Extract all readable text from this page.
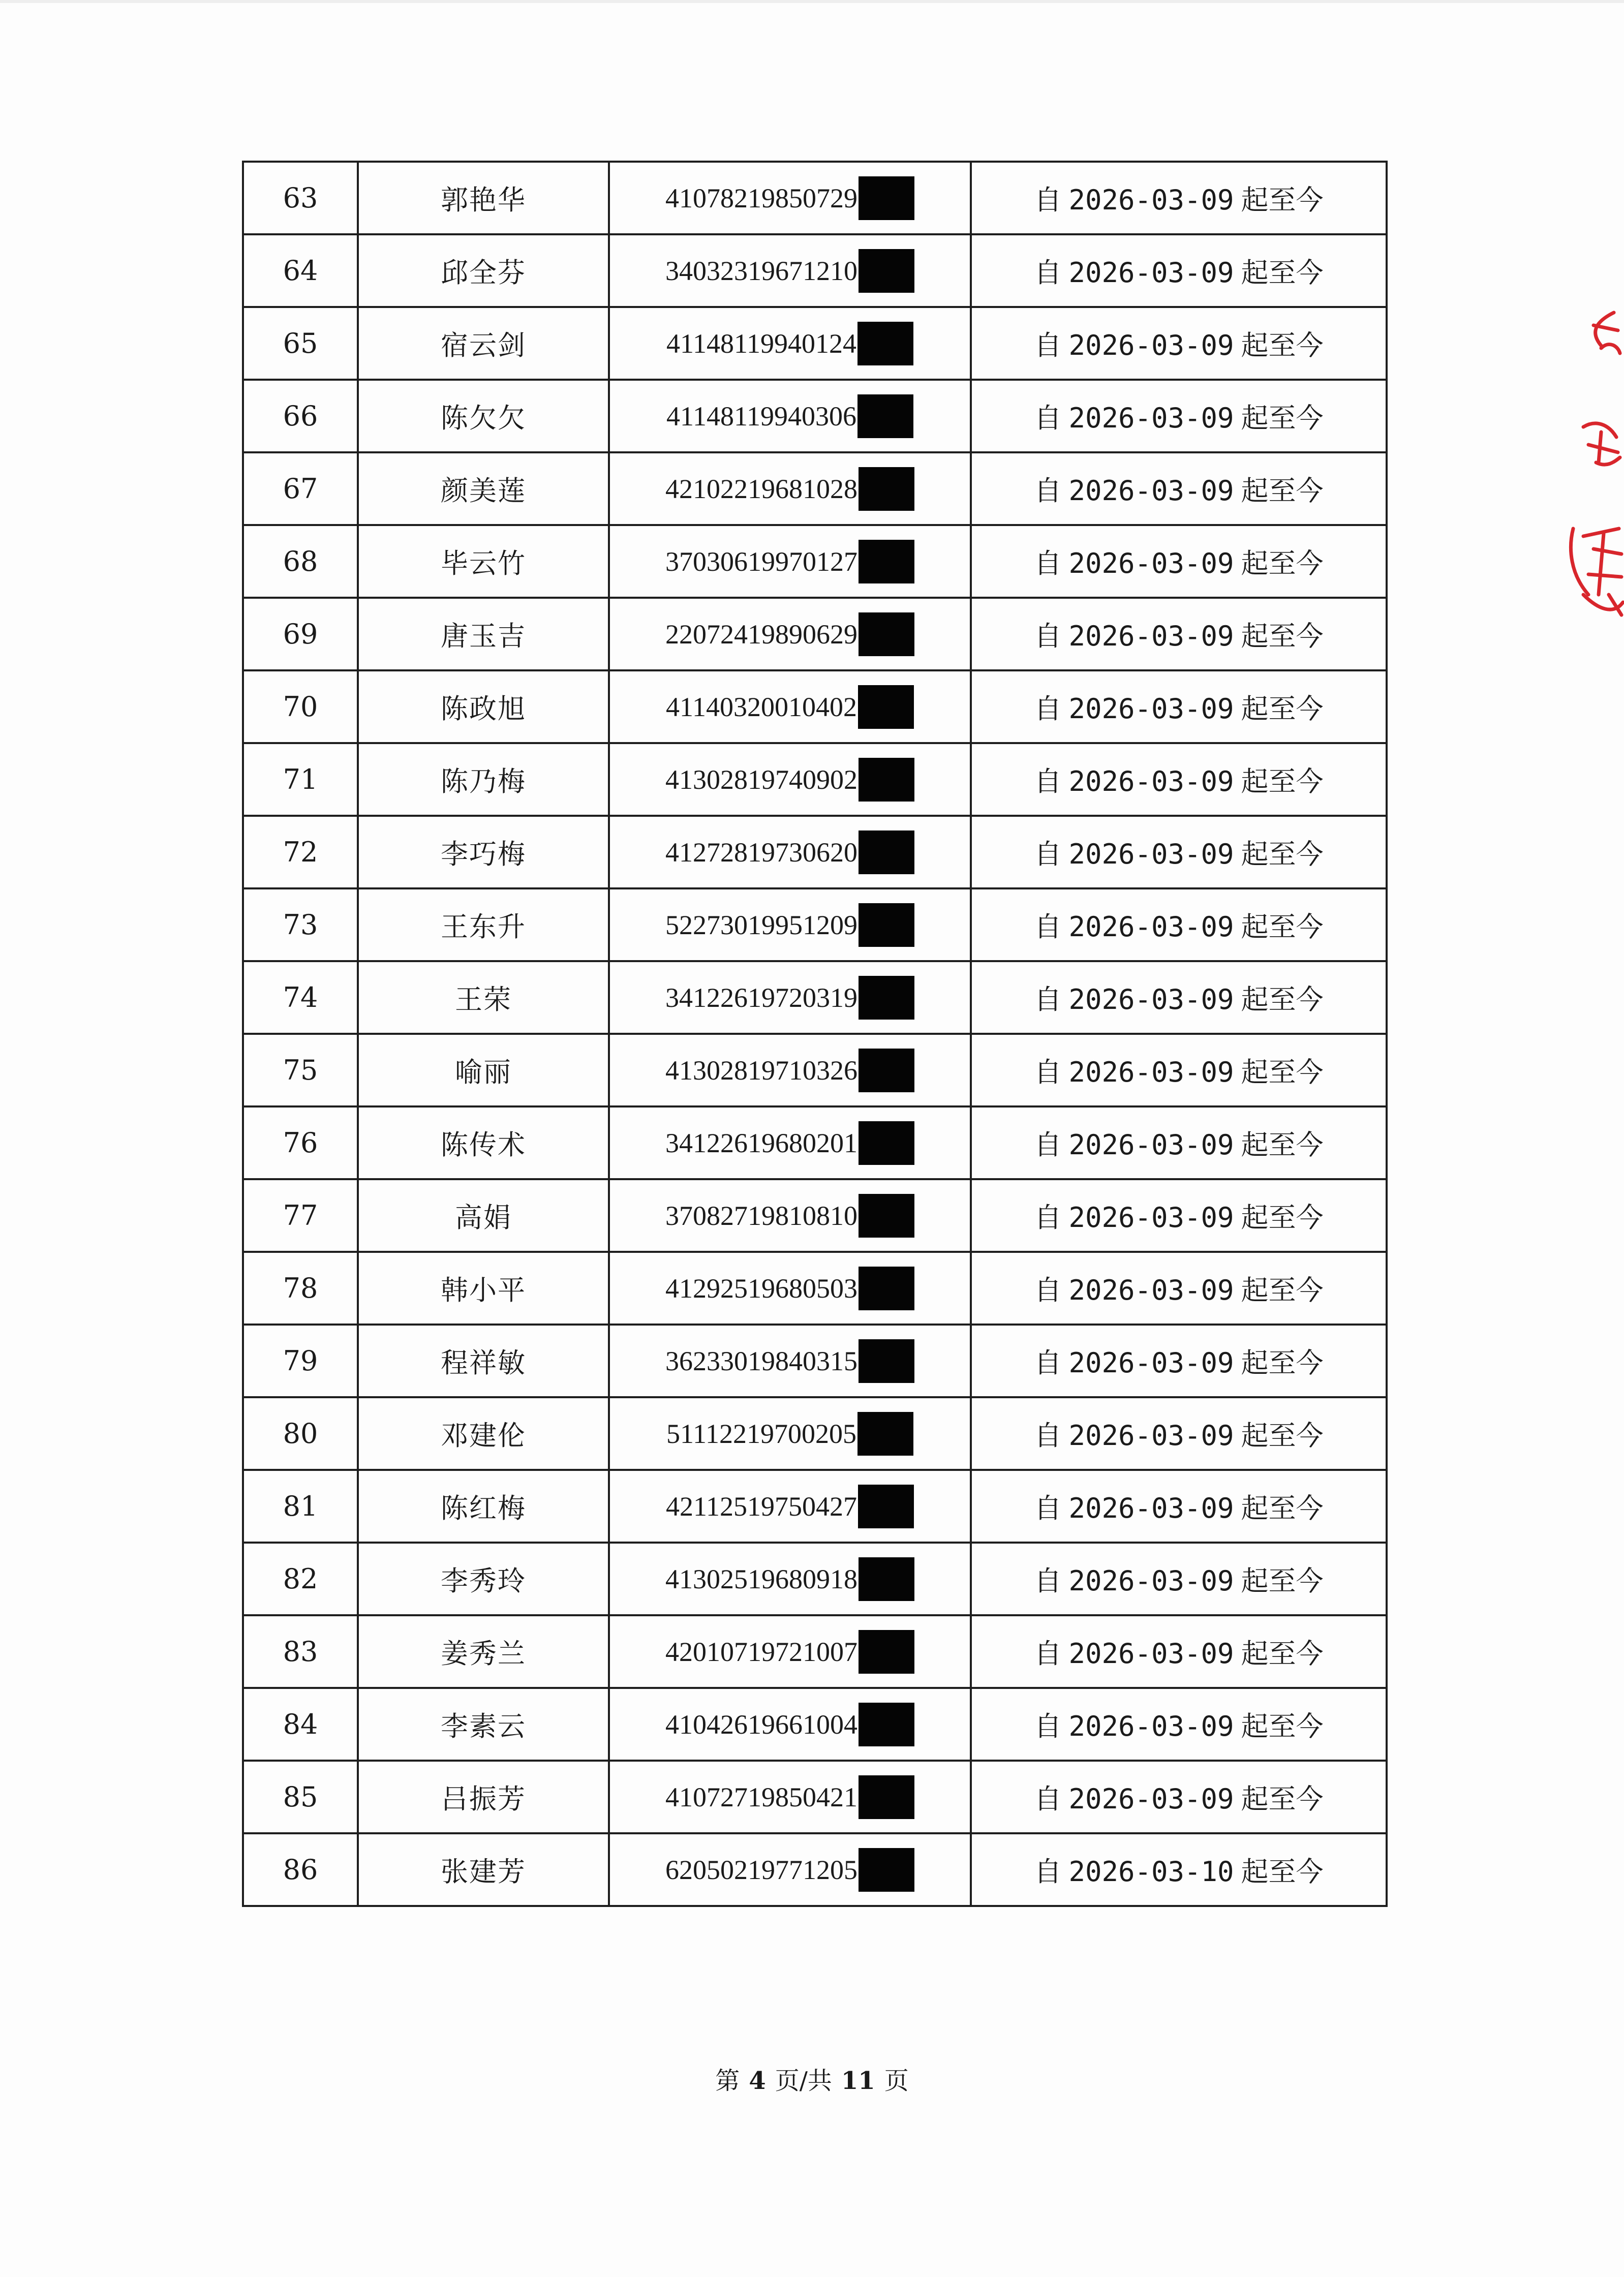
63	郭艳华	41078219850729	自 2026-03-09 起至今
64	邱全芬	34032319671210	自 2026-03-09 起至今
65	宿云剑	41148119940124	自 2026-03-09 起至今
66	陈欠欠	41148119940306	自 2026-03-09 起至今
67	颜美莲	42102219681028	自 2026-03-09 起至今
68	毕云竹	37030619970127	自 2026-03-09 起至今
69	唐玉吉	22072419890629	自 2026-03-09 起至今
70	陈政旭	41140320010402	自 2026-03-09 起至今
71	陈乃梅	41302819740902	自 2026-03-09 起至今
72	李巧梅	41272819730620	自 2026-03-09 起至今
73	王东升	52273019951209	自 2026-03-09 起至今
74	王荣	34122619720319	自 2026-03-09 起至今
75	喻丽	41302819710326	自 2026-03-09 起至今
76	陈传术	34122619680201	自 2026-03-09 起至今
77	高娟	37082719810810	自 2026-03-09 起至今
78	韩小平	41292519680503	自 2026-03-09 起至今
79	程祥敏	36233019840315	自 2026-03-09 起至今
80	邓建伦	51112219700205	自 2026-03-09 起至今
81	陈红梅	42112519750427	自 2026-03-09 起至今
82	李秀玲	41302519680918	自 2026-03-09 起至今
83	姜秀兰	42010719721007	自 2026-03-09 起至今
84	李素云	41042619661004	自 2026-03-09 起至今
85	吕振芳	41072719850421	自 2026-03-09 起至今
86	张建芳	62050219771205	自 2026-03-10 起至今
第 4 页/共 11 页
